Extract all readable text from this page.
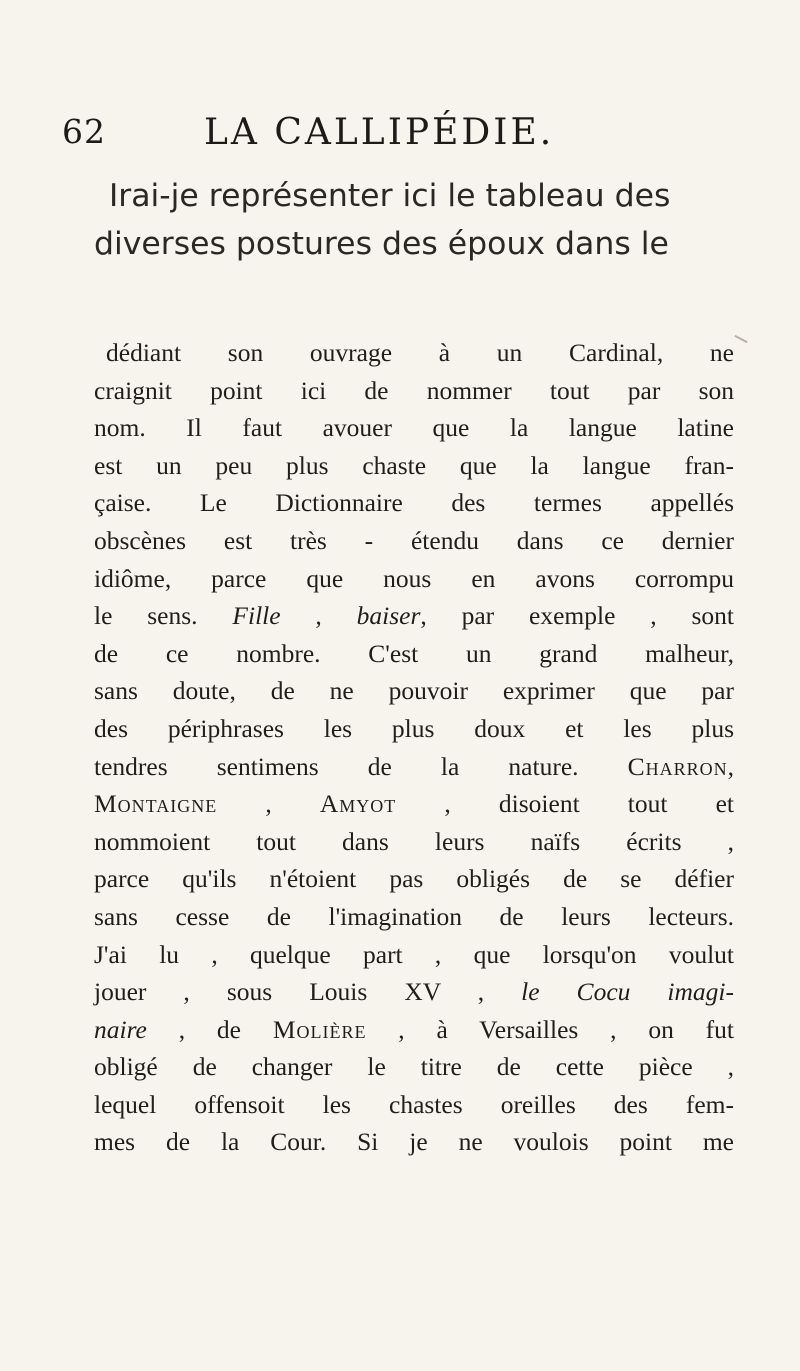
62	LA CALLIPÉDIE.
Irai-je représenter ici le tableau des
diverses postures des époux dans le
dédiant son ouvrage à un Cardinal, ne
craignit point ici de nommer tout par son
nom. Il faut avouer que la langue latine
est un peu plus chaste que la langue fran-
çaise. Le Dictionnaire des termes appellés
obscènes est très - étendu dans ce dernier
idiôme, parce que nous en avons corrompu
le sens. Fille , baiser, par exemple , sont
de ce nombre. C'est un grand malheur,
sans doute, de ne pouvoir exprimer que par
des périphrases les plus doux et les plus
tendres sentimens de la nature. Charron,
Montaigne , Amyot , disoient tout et
nommoient tout dans leurs naïfs écrits ,
parce qu'ils n'étoient pas obligés de se défier
sans cesse de l'imagination de leurs lecteurs.
J'ai lu , quelque part , que lorsqu'on voulut
jouer , sous Louis XV , le Cocu imagi-
naire , de Molière , à Versailles , on fut
obligé de changer le titre de cette pièce ,
lequel offensoit les chastes oreilles des fem-
mes de la Cour. Si je ne voulois point me
